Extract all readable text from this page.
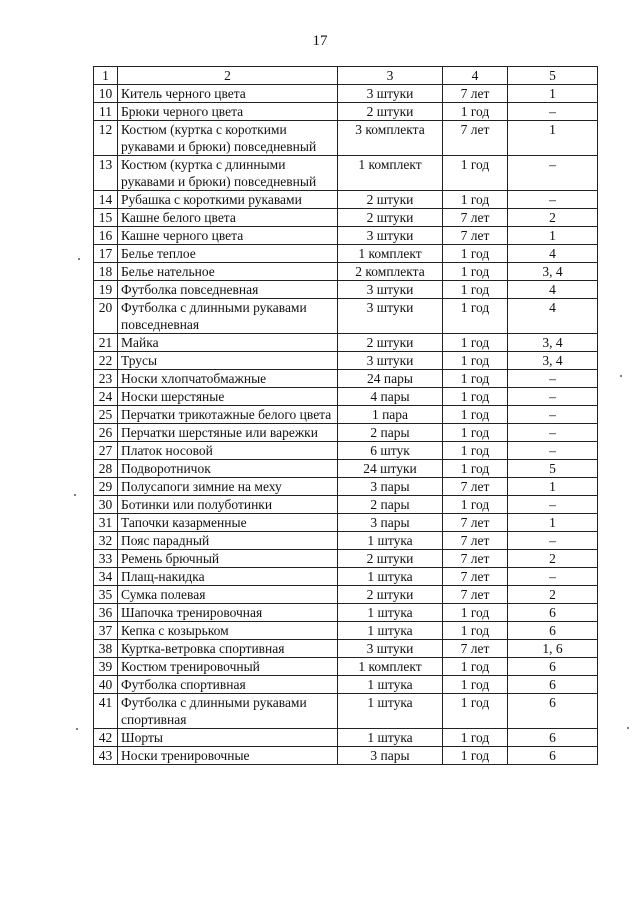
17
1	2	3	4	5
10	Китель черного цвета	3 штуки	7 лет	1
11	Брюки черного цвета	2 штуки	1 год	–
12	Костюм (куртка с короткими рукавами и брюки) повседневный	3 комплекта	7 лет	1
13	Костюм (куртка с длинными рукавами и брюки) повседневный	1 комплект	1 год	–
14	Рубашка с короткими рукавами	2 штуки	1 год	–
15	Кашне белого цвета	2 штуки	7 лет	2
16	Кашне черного цвета	3 штуки	7 лет	1
17	Белье теплое	1 комплект	1 год	4
18	Белье нательное	2 комплекта	1 год	3, 4
19	Футболка повседневная	3 штуки	1 год	4
20	Футболка с длинными рукавами повседневная	3 штуки	1 год	4
21	Майка	2 штуки	1 год	3, 4
22	Трусы	3 штуки	1 год	3, 4
23	Носки хлопчатобмажные	24 пары	1 год	–
24	Носки шерстяные	4 пары	1 год	–
25	Перчатки трикотажные белого цвета	1 пара	1 год	–
26	Перчатки шерстяные или варежки	2 пары	1 год	–
27	Платок носовой	6 штук	1 год	–
28	Подворотничок	24 штуки	1 год	5
29	Полусапоги зимние на меху	3 пары	7 лет	1
30	Ботинки или полуботинки	2 пары	1 год	–
31	Тапочки казарменные	3 пары	7 лет	1
32	Пояс парадный	1 штука	7 лет	–
33	Ремень брючный	2 штуки	7 лет	2
34	Плащ-накидка	1 штука	7 лет	–
35	Сумка полевая	2 штуки	7 лет	2
36	Шапочка тренировочная	1 штука	1 год	6
37	Кепка с козырьком	1 штука	1 год	6
38	Куртка-ветровка спортивная	3 штуки	7 лет	1, 6
39	Костюм тренировочный	1 комплект	1 год	6
40	Футболка спортивная	1 штука	1 год	6
41	Футболка с длинными рукавами спортивная	1 штука	1 год	6
42	Шорты	1 штука	1 год	6
43	Носки тренировочные	3 пары	1 год	6
